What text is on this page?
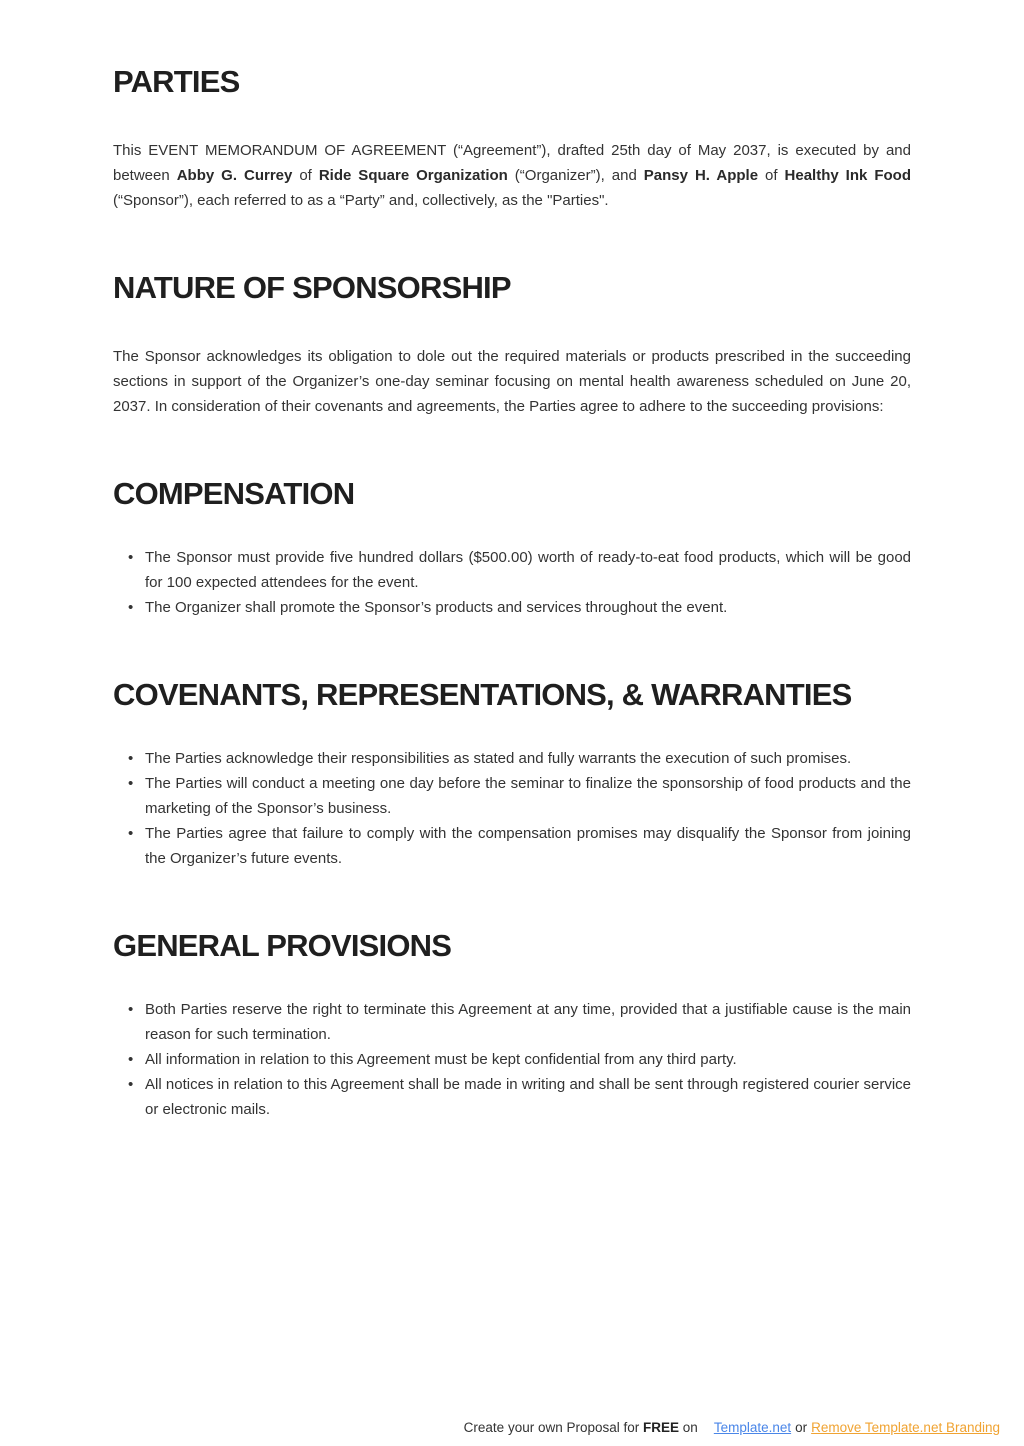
PARTIES

This EVENT MEMORANDUM OF AGREEMENT (“Agreement”), drafted 25th day of May 2037, is executed by and between Abby G. Currey of Ride Square Organization (“Organizer”), and Pansy H. Apple of Healthy Ink Food (“Sponsor”), each referred to as a “Party” and, collectively, as the "Parties".

NATURE OF SPONSORSHIP

The Sponsor acknowledges its obligation to dole out the required materials or products prescribed in the succeeding sections in support of the Organizer’s one-day seminar focusing on mental health awareness scheduled on June 20, 2037. In consideration of their covenants and agreements, the Parties agree to adhere to the succeeding provisions:

COMPENSATION
• The Sponsor must provide five hundred dollars ($500.00) worth of ready-to-eat food products, which will be good for 100 expected attendees for the event.
• The Organizer shall promote the Sponsor’s products and services throughout the event.
COVENANTS, REPRESENTATIONS, & WARRANTIES
• The Parties acknowledge their responsibilities as stated and fully warrants the execution of such promises.
• The Parties will conduct a meeting one day before the seminar to finalize the sponsorship of food products and the marketing of the Sponsor’s business.
• The Parties agree that failure to comply with the compensation promises may disqualify the Sponsor from joining the Organizer’s future events.
GENERAL PROVISIONS
• Both Parties reserve the right to terminate this Agreement at any time, provided that a justifiable cause is the main reason for such termination.
• All information in relation to this Agreement must be kept confidential from any third party.
• All notices in relation to this Agreement shall be made in writing and shall be sent through registered courier service or electronic mails.
Create your own Proposal for FREE on Template.net or Remove Template.net Branding
